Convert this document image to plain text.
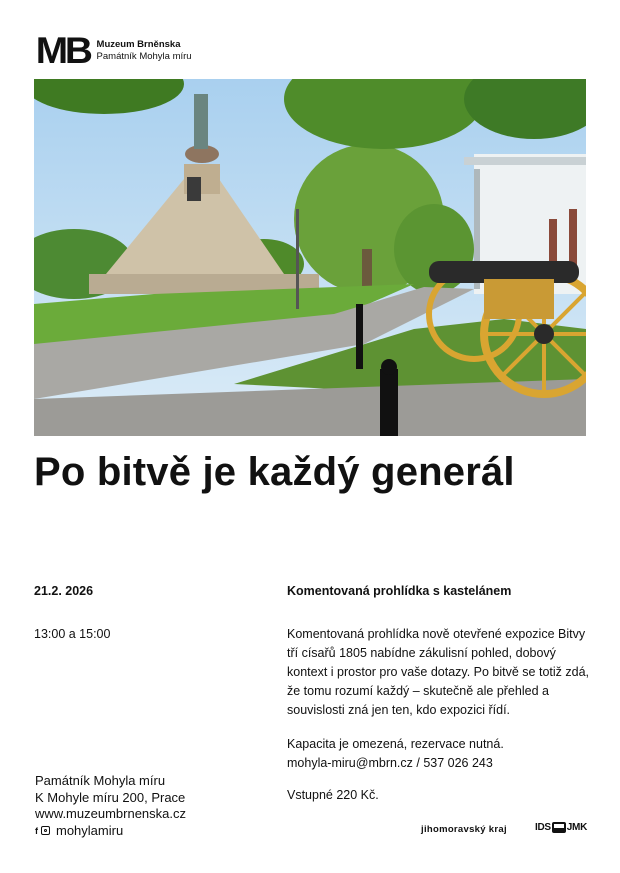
MB Muzeum Brněnska
Památník Mohyla míru
Po bitvě je každý generál
21.2. 2026
13:00 a 15:00
Komentovaná prohlídka s kastelánem
Komentovaná prohlídka nově otevřené expozice Bitvy tří císařů 1805 nabídne zákulisní pohled, dobový kontext i prostor pro vaše dotazy. Po bitvě se totiž zdá, že tomu rozumí každý – skutečně ale přehled a souvislosti zná jen ten, kdo expozici řídí.
Kapacita je omezená, rezervace nutná.
mohyla-miru@mbrn.cz / 537 026 243
Vstupné 220 Kč.
Památník Mohyla míru
K Mohyle míru 200, Prace
www.muzeumbrnenska.cz
f mohylamiru	jihomoravský kraj	IDS JMK
